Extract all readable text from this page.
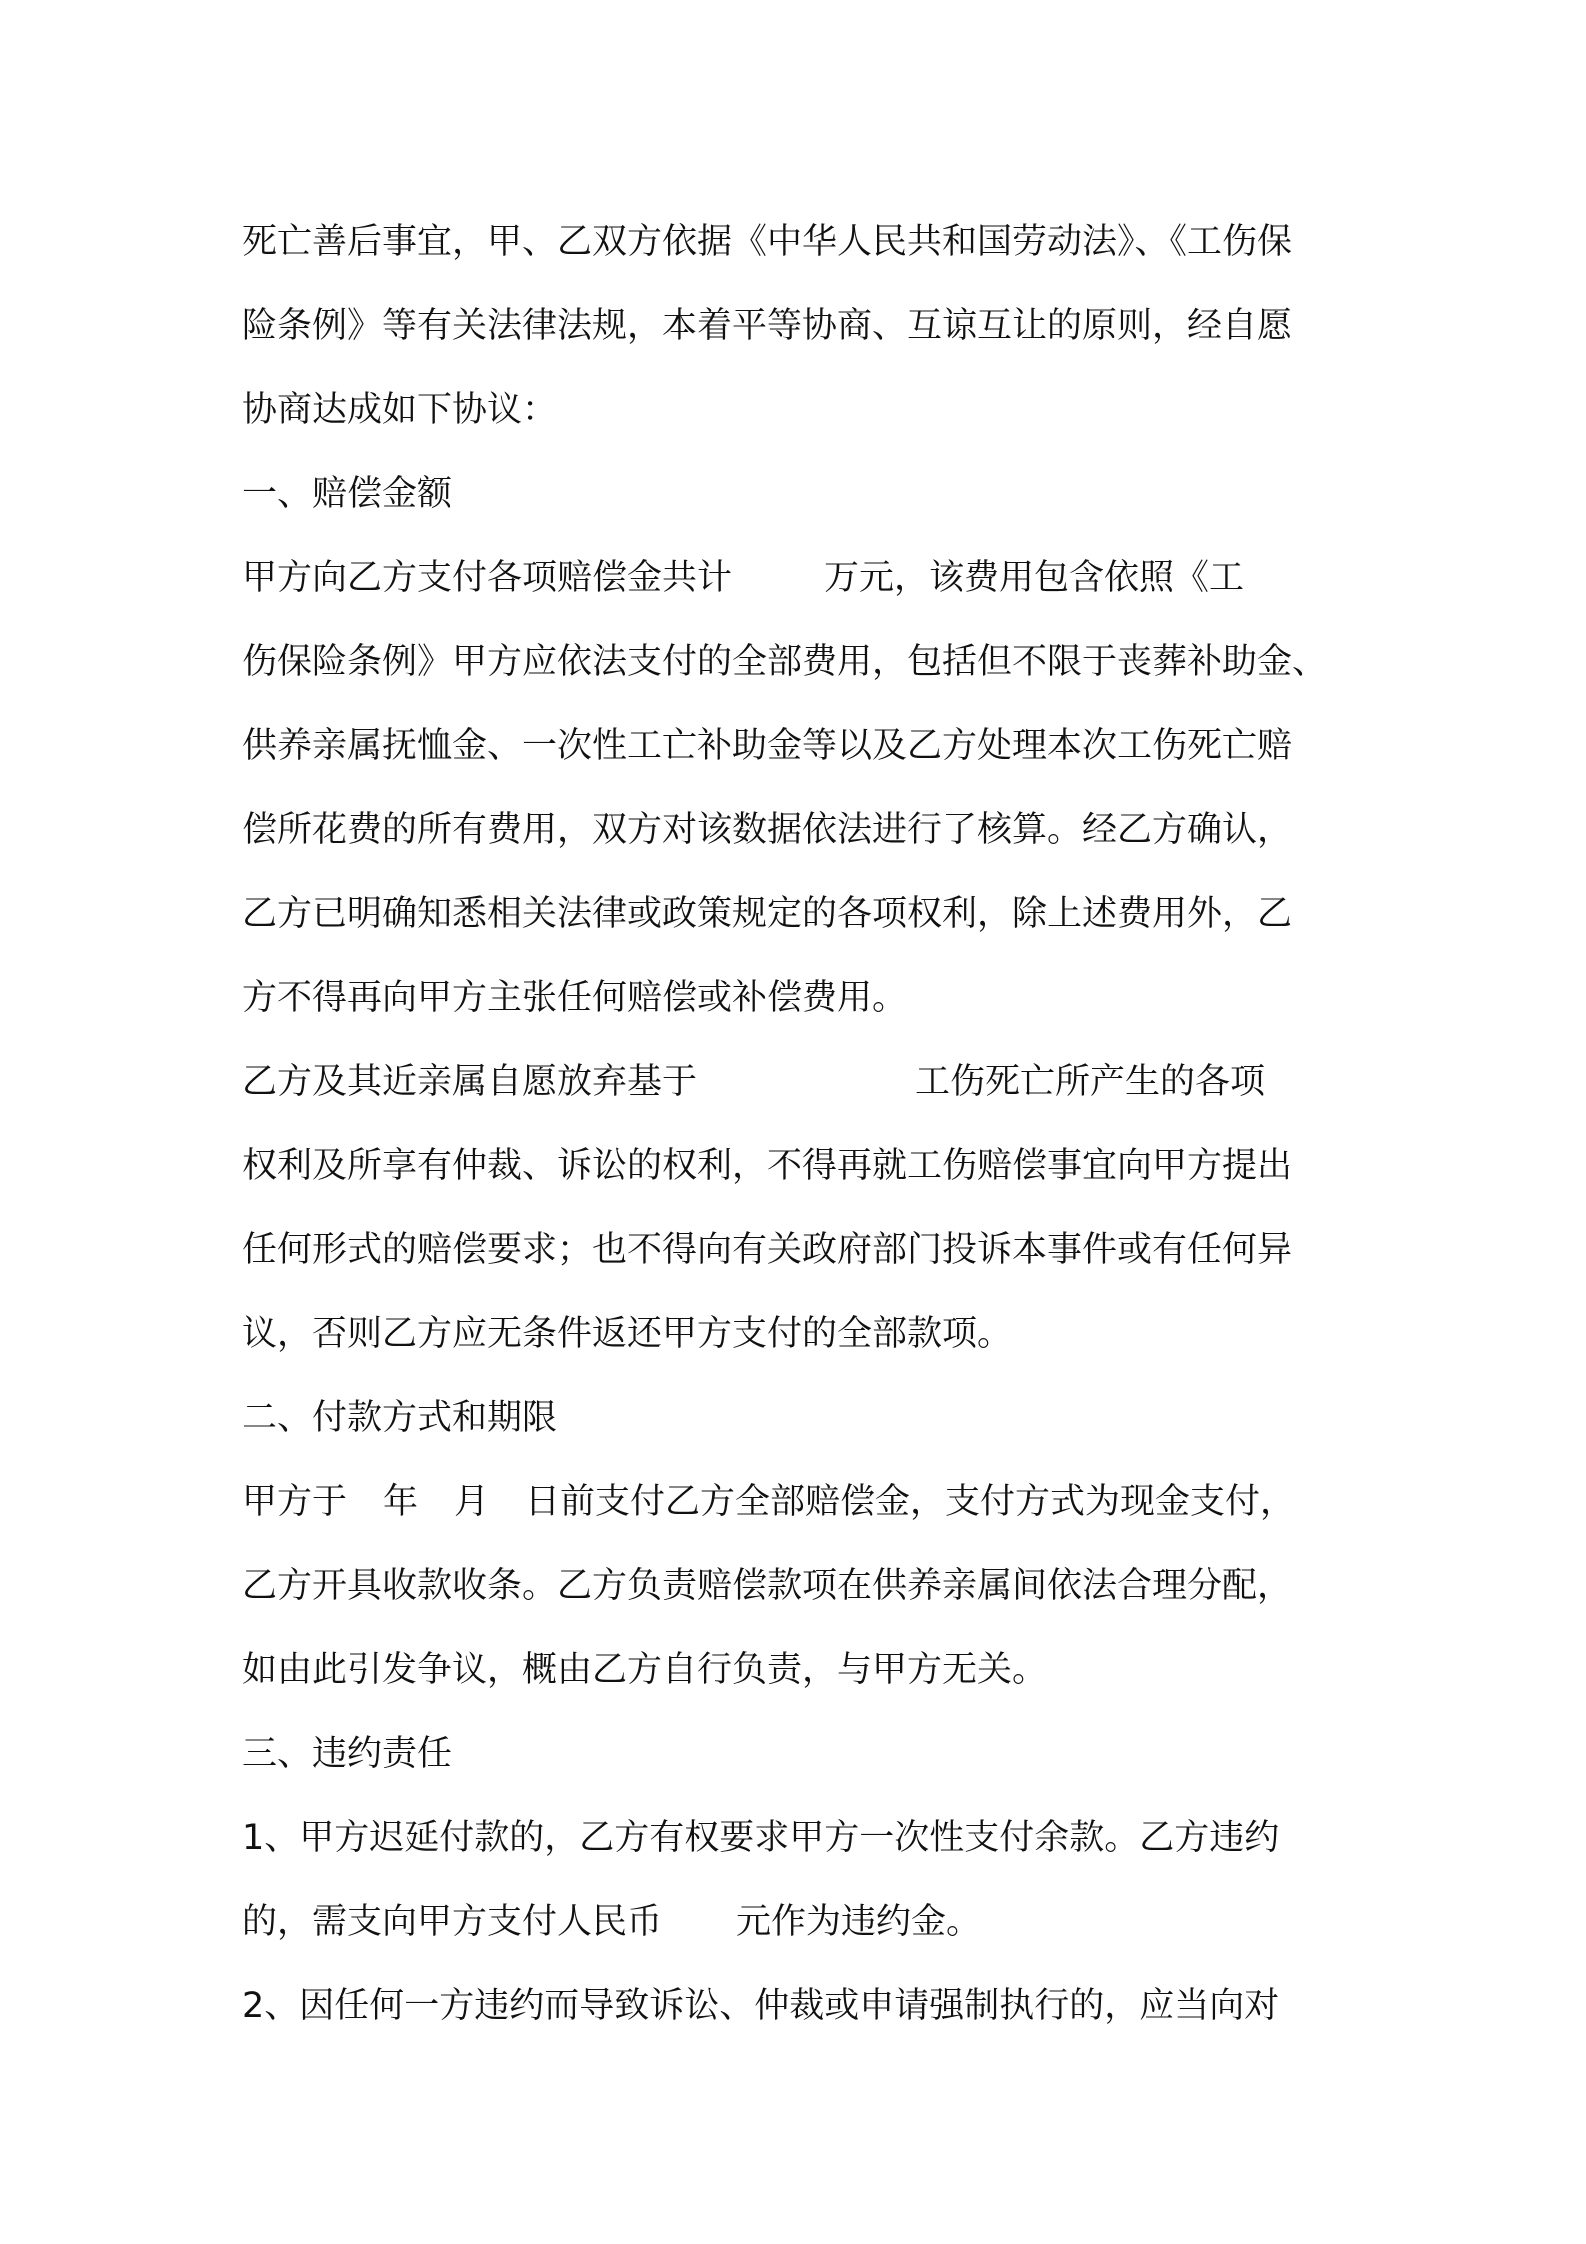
死亡善后事宜，甲、乙双方依据《中华人民共和国劳动法》、《工伤保
险条例》等有关法律法规，本着平等协商、互谅互让的原则，经自愿
协商达成如下协议：
一、赔偿金额
甲方向乙方支付各项赔偿金共计	万元，该费用包含依照《工
伤保险条例》甲方应依法支付的全部费用，包括但不限于丧葬补助金、
供养亲属抚恤金、一次性工亡补助金等以及乙方处理本次工伤死亡赔
偿所花费的所有费用，双方对该数据依法进行了核算。经乙方确认，
乙方已明确知悉相关法律或政策规定的各项权利，除上述费用外，乙
方不得再向甲方主张任何赔偿或补偿费用。
乙方及其近亲属自愿放弃基于	工伤死亡所产生的各项
权利及所享有仲裁、诉讼的权利，不得再就工伤赔偿事宜向甲方提出
任何形式的赔偿要求；也不得向有关政府部门投诉本事件或有任何异
议，否则乙方应无条件返还甲方支付的全部款项。
二、付款方式和期限
甲方于 年 月 日前支付乙方全部赔偿金，支付方式为现金支付，
乙方开具收款收条。乙方负责赔偿款项在供养亲属间依法合理分配，
如由此引发争议，概由乙方自行负责，与甲方无关。
三、违约责任
1、甲方迟延付款的，乙方有权要求甲方一次性支付余款。乙方违约
的，需支向甲方支付人民币 元作为违约金。
2、因任何一方违约而导致诉讼、仲裁或申请强制执行的，应当向对
